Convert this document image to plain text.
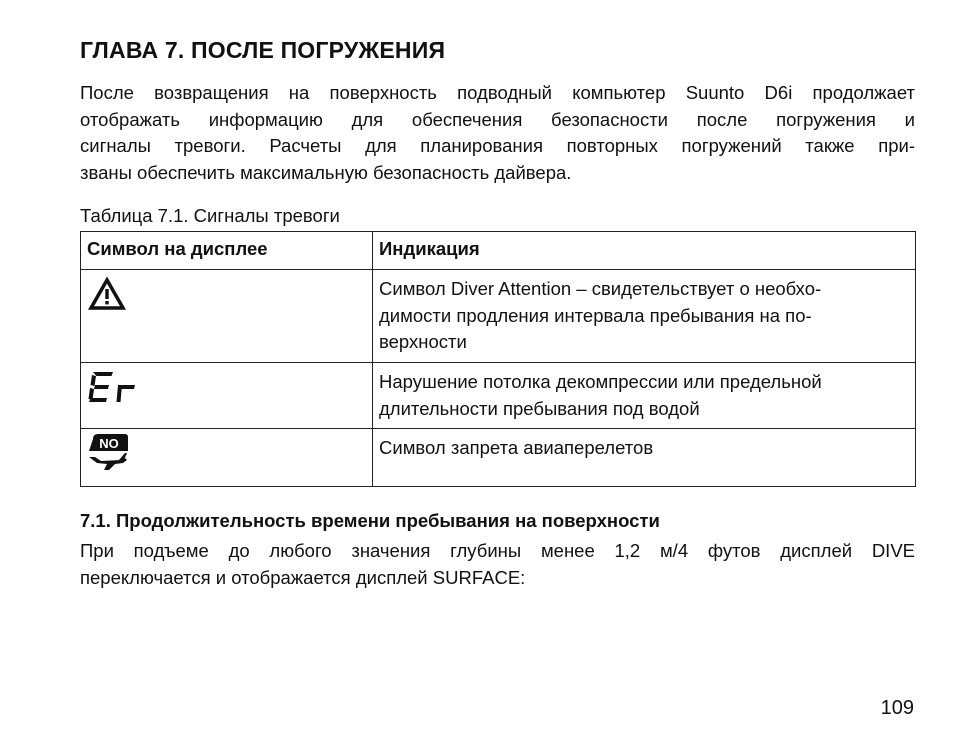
ГЛАВА 7. ПОСЛЕ ПОГРУЖЕНИЯ

После возвращения на поверхность подводный компьютер Suunto D6i продолжает
отображать информацию для обеспечения безопасности после погружения и
сигналы тревоги. Расчеты для планирования повторных погружений также при-
званы обеспечить максимальную безопасность дайвера.

Таблица 7.1. Сигналы тревоги

Символ на дисплее	Индикация

Символ Diver Attention – свидетельствует о необхо-
димости продления интервала пребывания на по-
верхности

Нарушение потолка декомпрессии или предельной
длительности пребывания под водой

NO	Символ запрета авиаперелетов
7.1. Продолжительность времени пребывания на поверхности

При подъеме до любого значения глубины менее 1,2 м/4 футов дисплей DIVE
переключается и отображается дисплей SURFACE:

109
